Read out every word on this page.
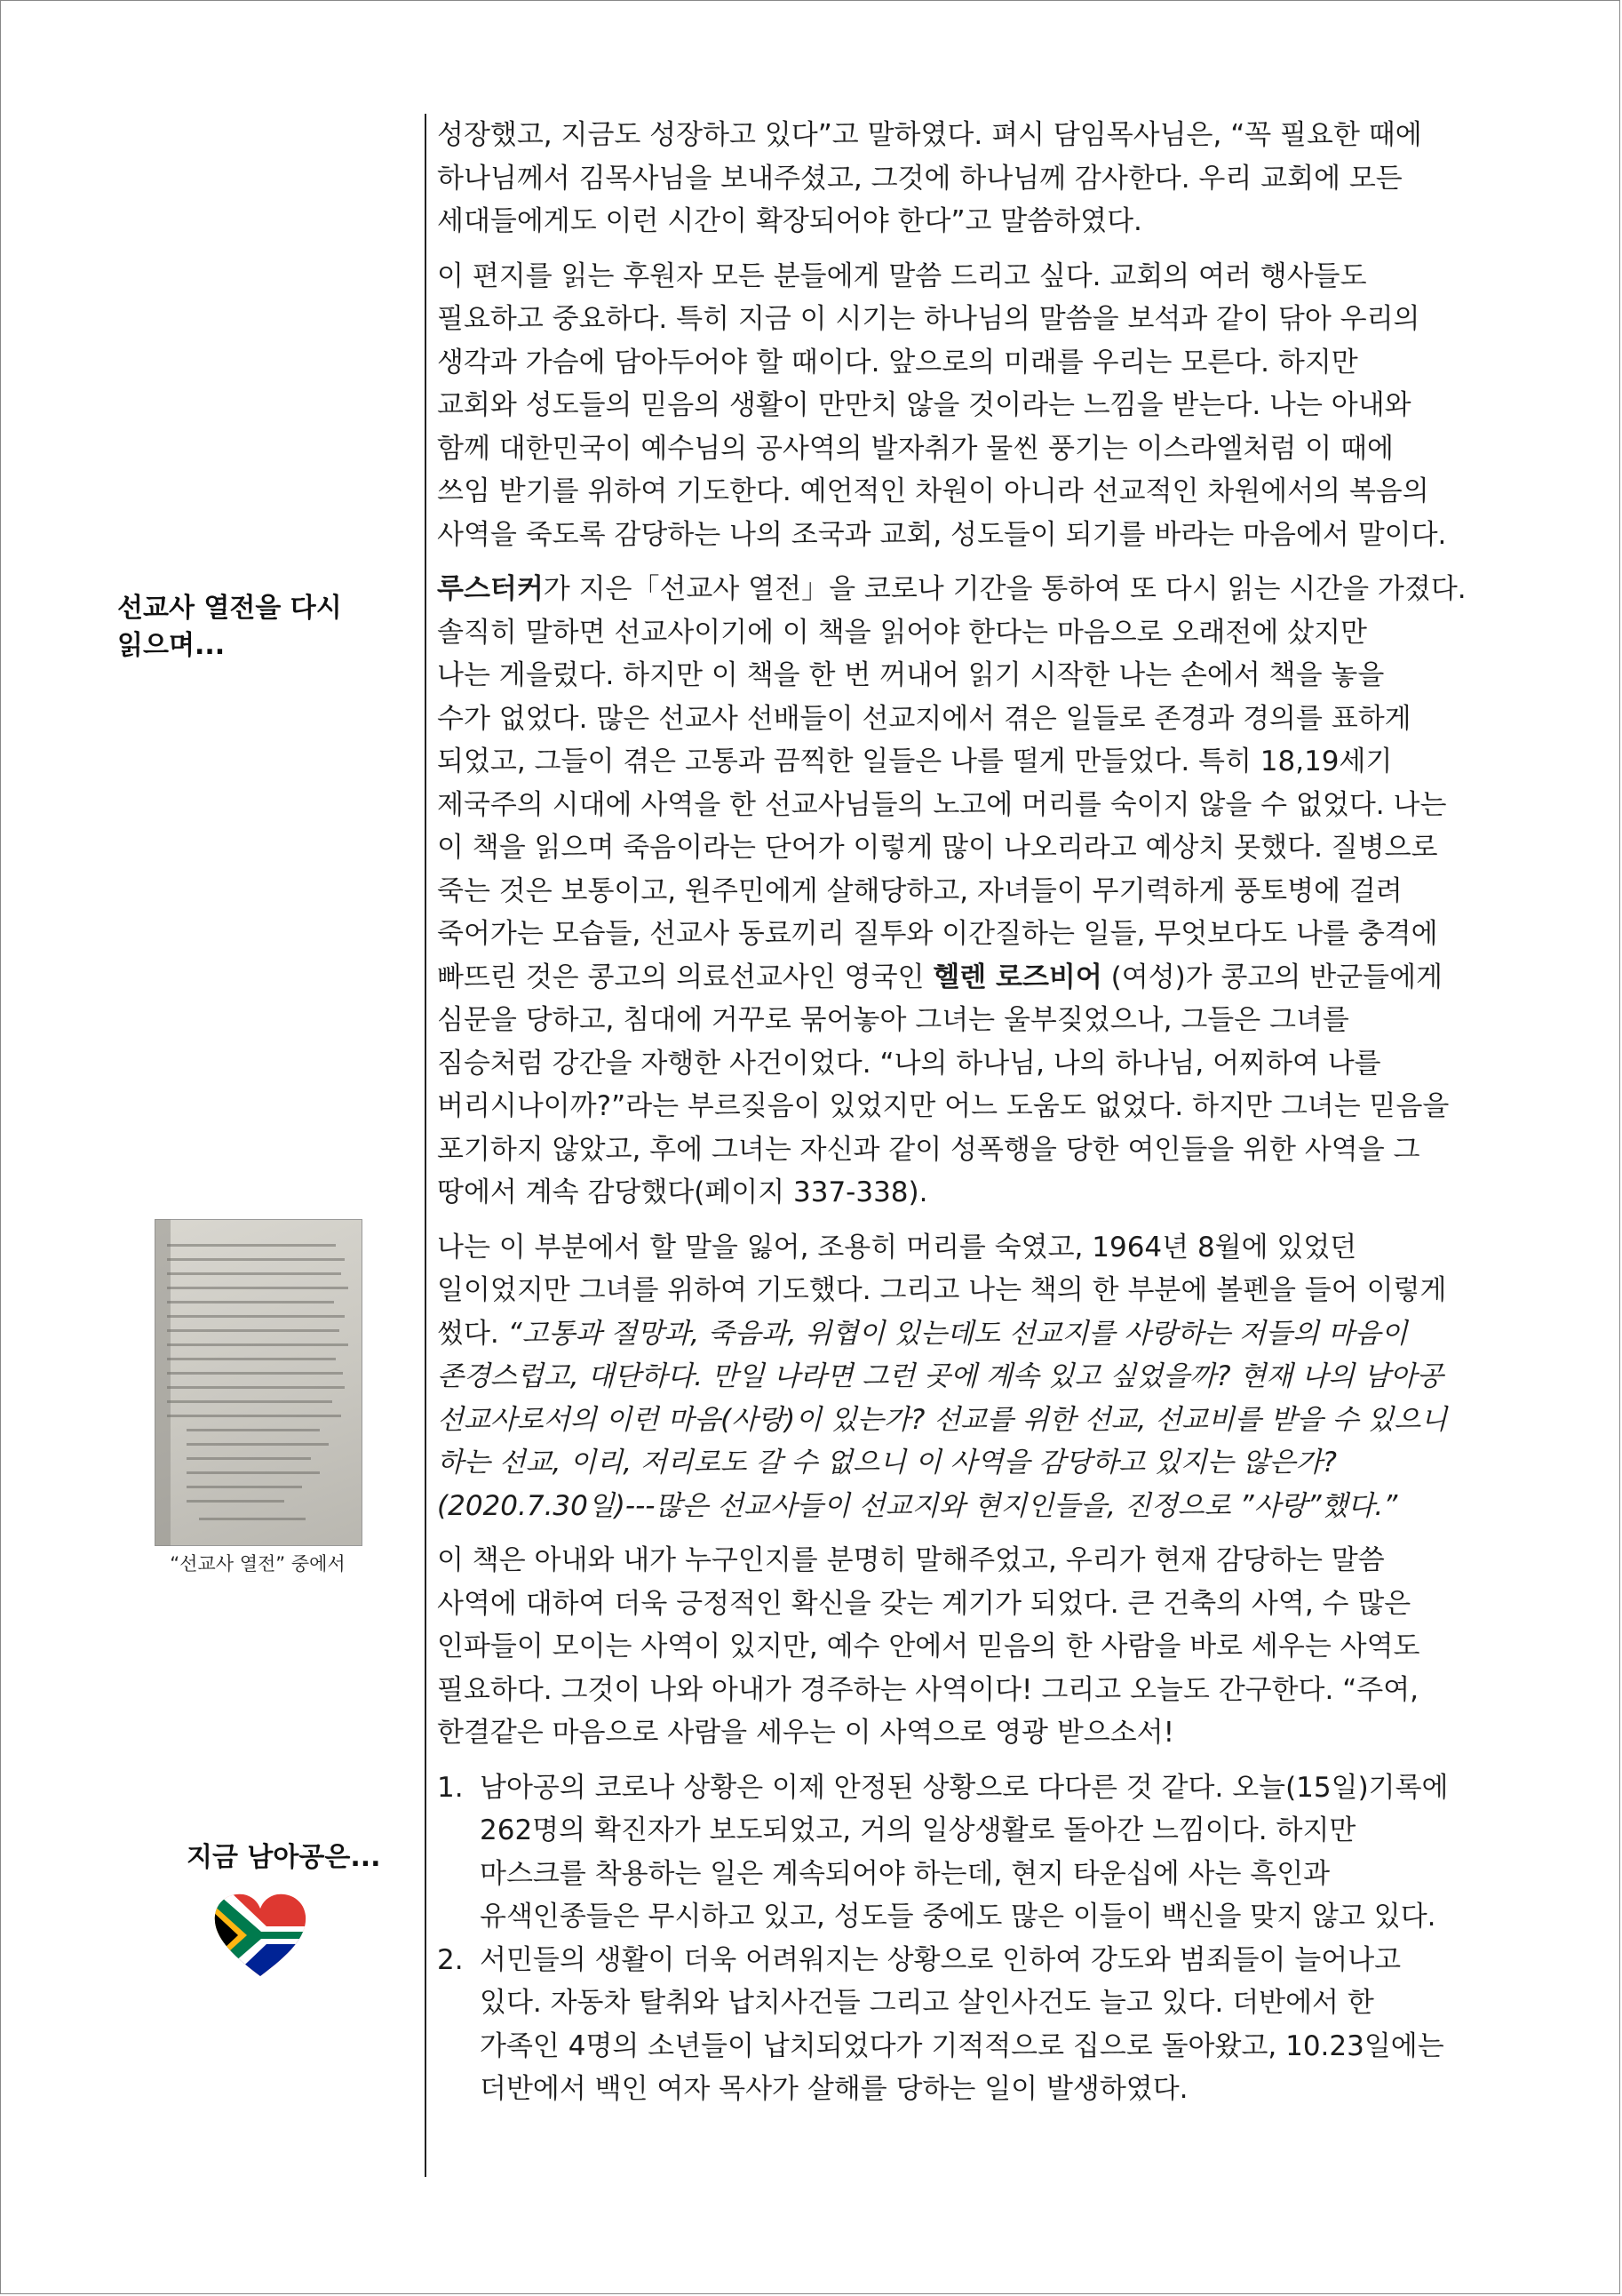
선교사 열전을 다시
읽으며...
“선교사 열전” 중에서
지금 남아공은...

성장했고, 지금도 성장하고 있다”고 말하였다. 펴시 담임목사님은, “꼭 필요한 때에
하나님께서 김목사님을 보내주셨고, 그것에 하나님께 감사한다. 우리 교회에 모든
세대들에게도 이런 시간이 확장되어야 한다”고 말씀하였다.

이 편지를 읽는 후원자 모든 분들에게 말씀 드리고 싶다. 교회의 여러 행사들도
필요하고 중요하다. 특히 지금 이 시기는 하나님의 말씀을 보석과 같이 닦아 우리의
생각과 가슴에 담아두어야 할 때이다. 앞으로의 미래를 우리는 모른다. 하지만
교회와 성도들의 믿음의 생활이 만만치 않을 것이라는 느낌을 받는다. 나는 아내와
함께 대한민국이 예수님의 공사역의 발자취가 물씬 풍기는 이스라엘처럼 이 때에
쓰임 받기를 위하여 기도한다. 예언적인 차원이 아니라 선교적인 차원에서의 복음의
사역을 죽도록 감당하는 나의 조국과 교회, 성도들이 되기를 바라는 마음에서 말이다.

루스터커가 지은「선교사 열전」을 코로나 기간을 통하여 또 다시 읽는 시간을 가졌다.
솔직히 말하면 선교사이기에 이 책을 읽어야 한다는 마음으로 오래전에 샀지만
나는 게을렀다. 하지만 이 책을 한 번 꺼내어 읽기 시작한 나는 손에서 책을 놓을
수가 없었다. 많은 선교사 선배들이 선교지에서 겪은 일들로 존경과 경의를 표하게
되었고, 그들이 겪은 고통과 끔찍한 일들은 나를 떨게 만들었다. 특히 18,19세기
제국주의 시대에 사역을 한 선교사님들의 노고에 머리를 숙이지 않을 수 없었다. 나는
이 책을 읽으며 죽음이라는 단어가 이렇게 많이 나오리라고 예상치 못했다. 질병으로
죽는 것은 보통이고, 원주민에게 살해당하고, 자녀들이 무기력하게 풍토병에 걸려
죽어가는 모습들, 선교사 동료끼리 질투와 이간질하는 일들, 무엇보다도 나를 충격에
빠뜨린 것은 콩고의 의료선교사인 영국인 헬렌 로즈비어 (여성)가 콩고의 반군들에게
심문을 당하고, 침대에 거꾸로 묶어놓아 그녀는 울부짖었으나, 그들은 그녀를
짐승처럼 강간을 자행한 사건이었다. “나의 하나님, 나의 하나님, 어찌하여 나를
버리시나이까?”라는 부르짖음이 있었지만 어느 도움도 없었다. 하지만 그녀는 믿음을
포기하지 않았고, 후에 그녀는 자신과 같이 성폭행을 당한 여인들을 위한 사역을 그
땅에서 계속 감당했다(페이지 337-338).

나는 이 부분에서 할 말을 잃어, 조용히 머리를 숙였고, 1964년 8월에 있었던
일이었지만 그녀를 위하여 기도했다. 그리고 나는 책의 한 부분에 볼펜을 들어 이렇게
썼다. “고통과 절망과, 죽음과, 위협이 있는데도 선교지를 사랑하는 저들의 마음이
존경스럽고, 대단하다. 만일 나라면 그런 곳에 계속 있고 싶었을까? 현재 나의 남아공
선교사로서의 이런 마음(사랑)이 있는가? 선교를 위한 선교, 선교비를 받을 수 있으니
하는 선교, 이리, 저리로도 갈 수 없으니 이 사역을 감당하고 있지는 않은가?
(2020.7.30일)---많은 선교사들이 선교지와 현지인들을, 진정으로 ”사랑”했다.”

이 책은 아내와 내가 누구인지를 분명히 말해주었고, 우리가 현재 감당하는 말씀
사역에 대하여 더욱 긍정적인 확신을 갖는 계기가 되었다. 큰 건축의 사역, 수 많은
인파들이 모이는 사역이 있지만, 예수 안에서 믿음의 한 사람을 바로 세우는 사역도
필요하다. 그것이 나와 아내가 경주하는 사역이다! 그리고 오늘도 간구한다. “주여,
한결같은 마음으로 사람을 세우는 이 사역으로 영광 받으소서!

1. 남아공의 코로나 상황은 이제 안정된 상황으로 다다른 것 같다. 오늘(15일)기록에
262명의 확진자가 보도되었고, 거의 일상생활로 돌아간 느낌이다. 하지만
마스크를 착용하는 일은 계속되어야 하는데, 현지 타운십에 사는 흑인과
유색인종들은 무시하고 있고, 성도들 중에도 많은 이들이 백신을 맞지 않고 있다.
2. 서민들의 생활이 더욱 어려워지는 상황으로 인하여 강도와 범죄들이 늘어나고
있다. 자동차 탈취와 납치사건들 그리고 살인사건도 늘고 있다. 더반에서 한
가족인 4명의 소년들이 납치되었다가 기적적으로 집으로 돌아왔고, 10.23일에는
더반에서 백인 여자 목사가 살해를 당하는 일이 발생하였다.
